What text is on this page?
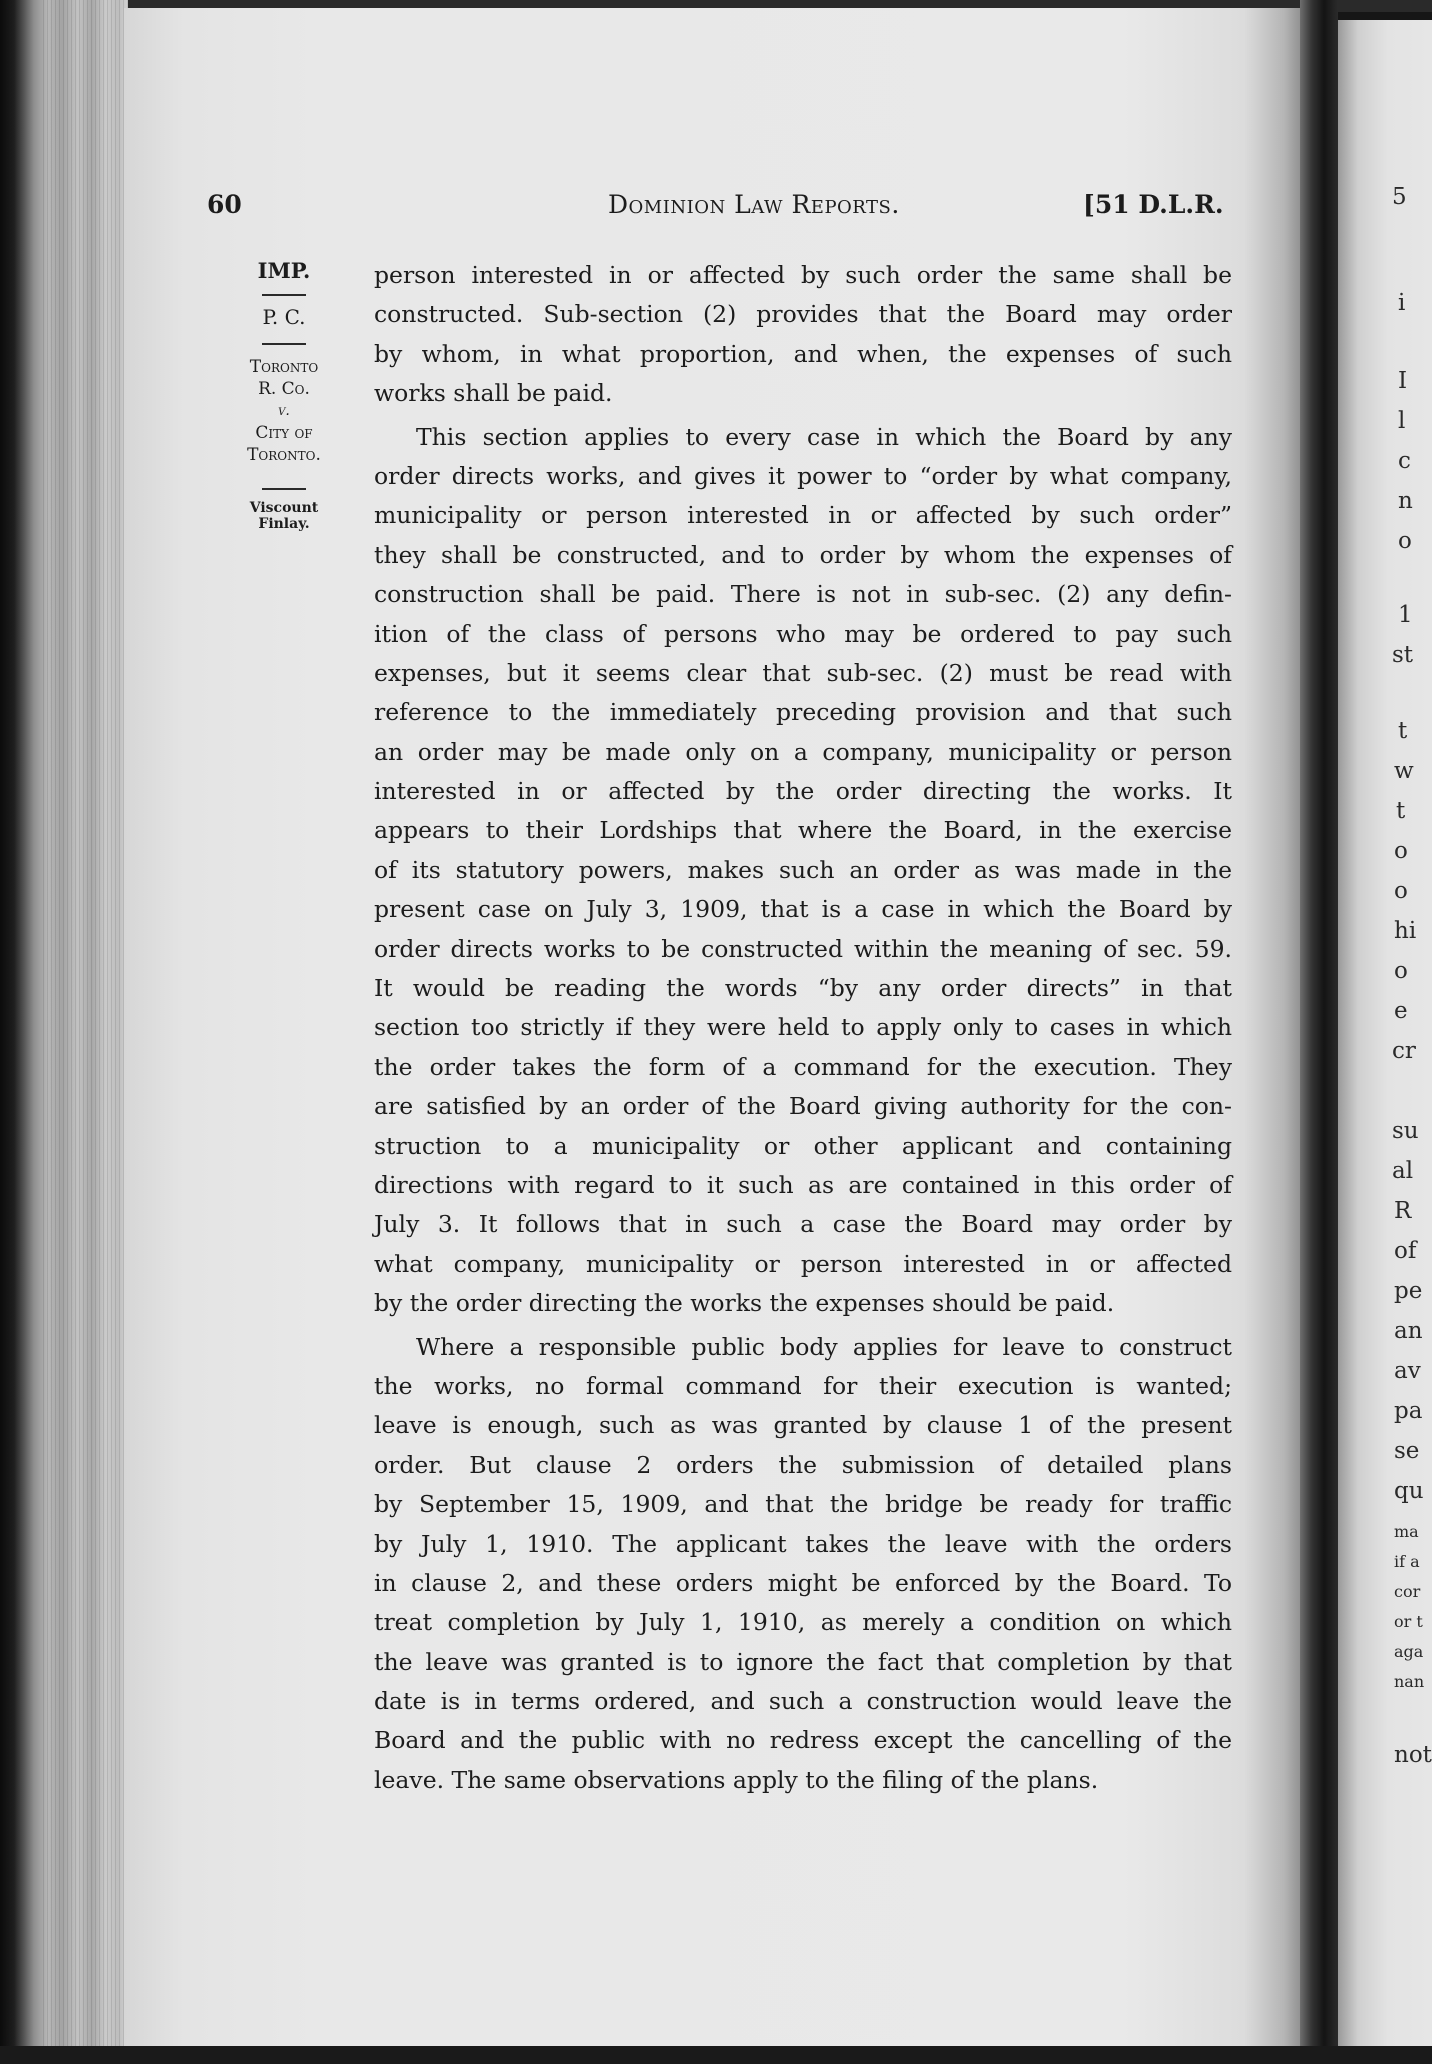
60	Dominion Law Reports.	[51 D.L.R.
IMP.
P. C.
Toronto
R. Co.
v.
City of
Toronto.
Viscount
Finlay.
person interested in or affected by such order the same shall be
constructed. Sub-section (2) provides that the Board may order
by whom, in what proportion, and when, the expenses of such
works shall be paid.
This section applies to every case in which the Board by any
order directs works, and gives it power to “order by what company,
municipality or person interested in or affected by such order”
they shall be constructed, and to order by whom the expenses of
construction shall be paid. There is not in sub-sec. (2) any defin-
ition of the class of persons who may be ordered to pay such
expenses, but it seems clear that sub-sec. (2) must be read with
reference to the immediately preceding provision and that such
an order may be made only on a company, municipality or person
interested in or affected by the order directing the works. It
appears to their Lordships that where the Board, in the exercise
of its statutory powers, makes such an order as was made in the
present case on July 3, 1909, that is a case in which the Board by
order directs works to be constructed within the meaning of sec. 59.
It would be reading the words “by any order directs” in that
section too strictly if they were held to apply only to cases in which
the order takes the form of a command for the execution. They
are satisfied by an order of the Board giving authority for the con-
struction to a municipality or other applicant and containing
directions with regard to it such as are contained in this order of
July 3. It follows that in such a case the Board may order by
what company, municipality or person interested in or affected
by the order directing the works the expenses should be paid.
Where a responsible public body applies for leave to construct
the works, no formal command for their execution is wanted;
leave is enough, such as was granted by clause 1 of the present
order. But clause 2 orders the submission of detailed plans
by September 15, 1909, and that the bridge be ready for traffic
by July 1, 1910. The applicant takes the leave with the orders
in clause 2, and these orders might be enforced by the Board. To
treat completion by July 1, 1910, as merely a condition on which
the leave was granted is to ignore the fact that completion by that
date is in terms ordered, and such a construction would leave the
Board and the public with no redress except the cancelling of the
leave. The same observations apply to the filing of the plans.
5
i
I
l
c
n
o
1
st
t
w
t
o
o
hi
o
e
cr
su
al
R
of
pe
an
av
pa
se
qu
ma
if a
cor
or t
aga
nan
not
